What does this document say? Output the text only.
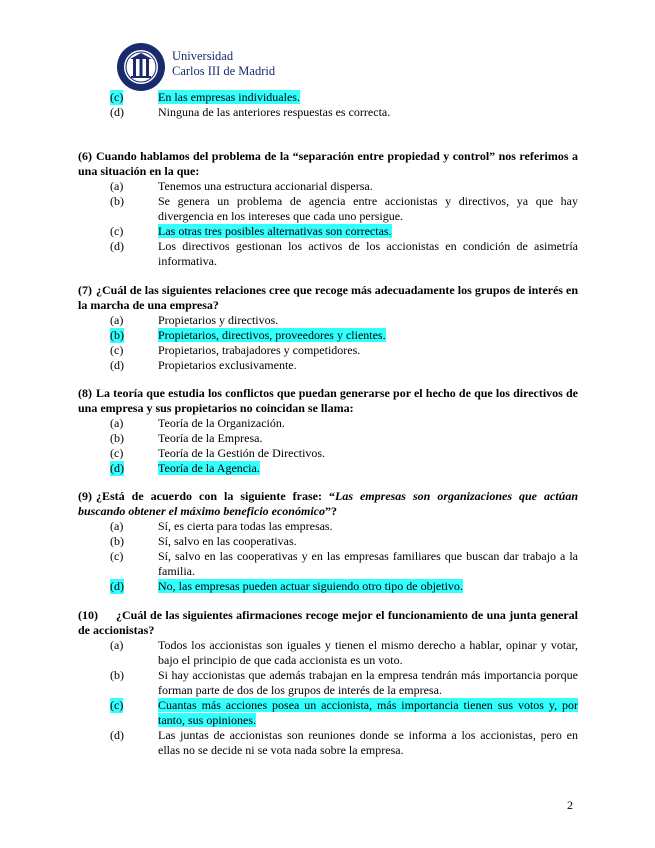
Universidad
Carlos III de Madrid
(c)	En las empresas individuales.
(d)	Ninguna de las anteriores respuestas es correcta.
(6) Cuando hablamos del problema de la “separación entre propiedad y control” nos referimos a una situación en la que:
(a)	Tenemos una estructura accionarial dispersa.
(b)	Se genera un problema de agencia entre accionistas y directivos, ya que hay divergencia en los intereses que cada uno persigue.
(c)	Las otras tres posibles alternativas son correctas.
(d)	Los directivos gestionan los activos de los accionistas en condición de asimetría informativa.
(7) ¿Cuál de las siguientes relaciones cree que recoge más adecuadamente los grupos de interés en la marcha de una empresa?
(a)	Propietarios y directivos.
(b)	Propietarios, directivos, proveedores y clientes.
(c)	Propietarios, trabajadores y competidores.
(d)	Propietarios exclusivamente.
(8) La teoría que estudia los conflictos que puedan generarse por el hecho de que los directivos de una empresa y sus propietarios no coincidan se llama:
(a)	Teoría de la Organización.
(b)	Teoría de la Empresa.
(c)	Teoría de la Gestión de Directivos.
(d)	Teoría de la Agencia.
(9) ¿Está de acuerdo con la siguiente frase: “Las empresas son organizaciones que actúan buscando obtener el máximo beneficio económico”?
(a)	Sí, es cierta para todas las empresas.
(b)	Sí, salvo en las cooperativas.
(c)	Sí, salvo en las cooperativas y en las empresas familiares que buscan dar trabajo a la familia.
(d)	No, las empresas pueden actuar siguiendo otro tipo de objetivo.
(10) ¿Cuál de las siguientes afirmaciones recoge mejor el funcionamiento de una junta general de accionistas?
(a)	Todos los accionistas son iguales y tienen el mismo derecho a hablar, opinar y votar, bajo el principio de que cada accionista es un voto.
(b)	Si hay accionistas que además trabajan en la empresa tendrán más importancia porque forman parte de dos de los grupos de interés de la empresa.
(c)	Cuantas más acciones posea un accionista, más importancia tienen sus votos y, por tanto, sus opiniones.
(d)	Las juntas de accionistas son reuniones donde se informa a los accionistas, pero en ellas no se decide ni se vota nada sobre la empresa.
2
